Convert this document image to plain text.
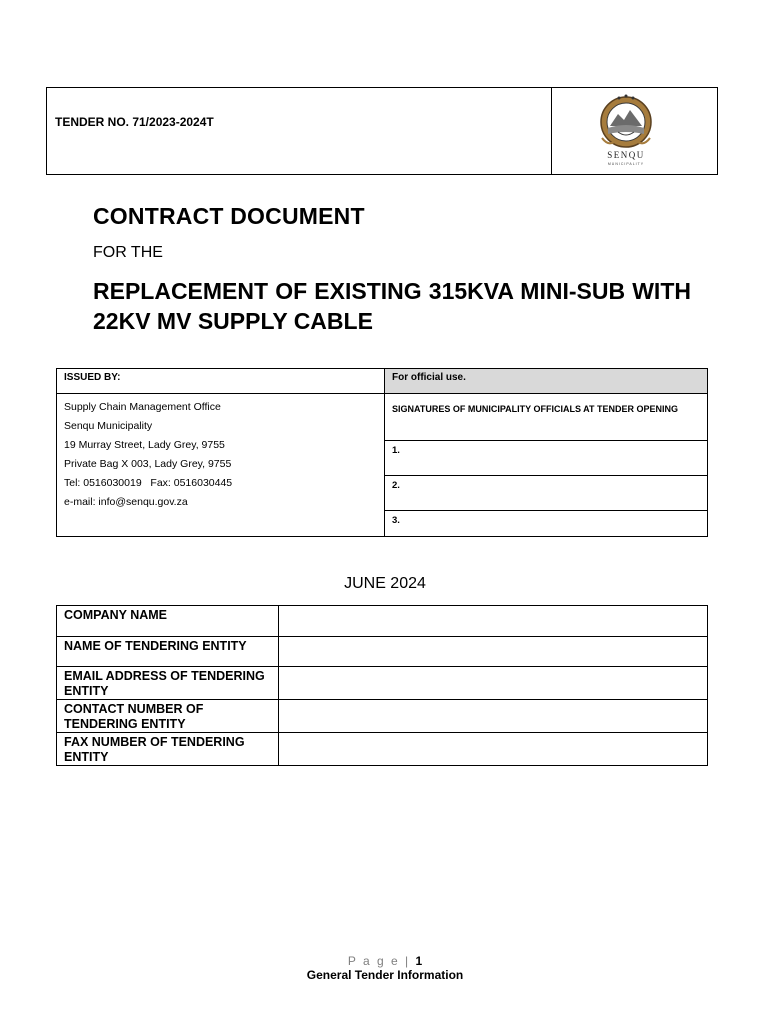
TENDER NO. 71/2023-2024T
SENQU
MUNICIPALITY
CONTRACT DOCUMENT
FOR THE
REPLACEMENT OF EXISTING 315KVA MINI-SUB WITH 22KV MV SUPPLY CABLE
ISSUED BY:
Supply Chain Management Office
Senqu Municipality
19 Murray Street, Lady Grey, 9755
Private Bag X 003, Lady Grey, 9755
Tel: 0516030019   Fax: 0516030445
e-mail: info@senqu.gov.za
For official use.
SIGNATURES OF MUNICIPALITY OFFICIALS AT TENDER OPENING
1.
2.
3.
JUNE 2024
COMPANY NAME	
NAME OF TENDERING ENTITY	
EMAIL ADDRESS OF TENDERING ENTITY	
CONTACT NUMBER OF TENDERING ENTITY	
FAX NUMBER OF TENDERING ENTITY	
P a g e | 1
General Tender Information
